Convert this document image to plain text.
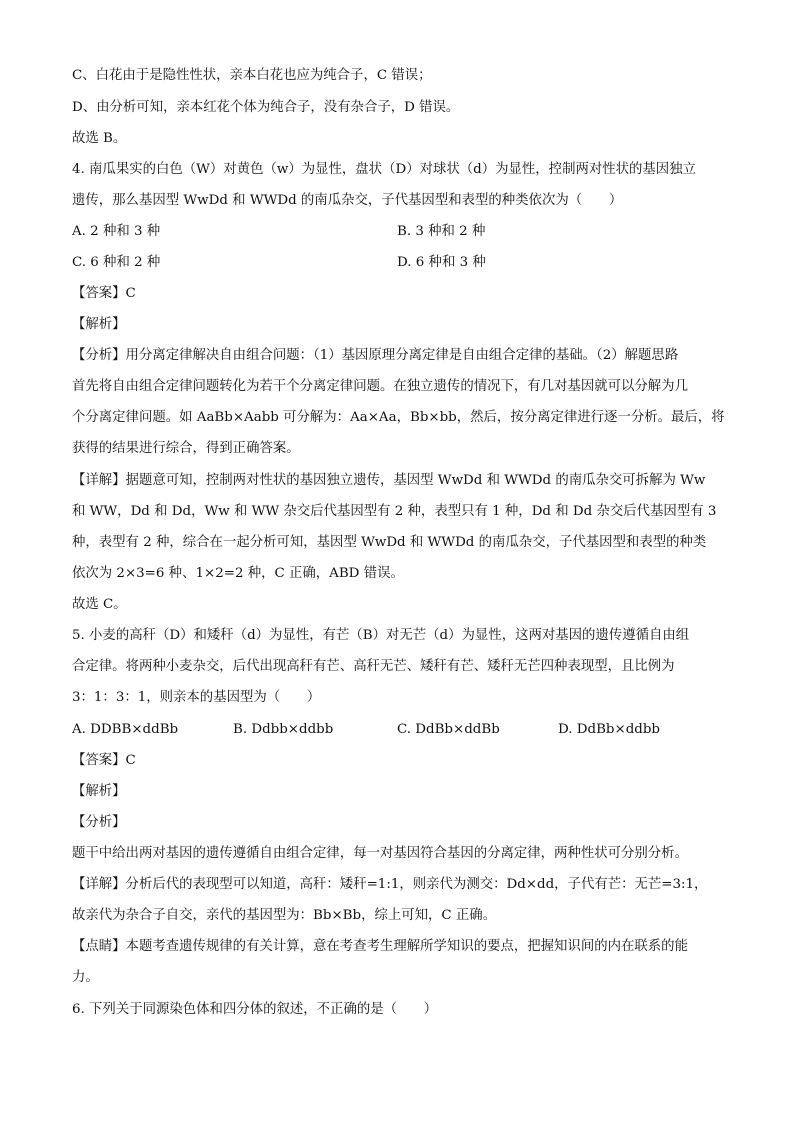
C、白花由于是隐性性状，亲本白花也应为纯合子，C 错误；
D、由分析可知，亲本红花个体为纯合子，没有杂合子，D 错误。
故选 B。
4. 南瓜果实的白色（W）对黄色（w）为显性，盘状（D）对球状（d）为显性，控制两对性状的基因独立
遗传，那么基因型 WwDd 和 WWDd 的南瓜杂交，子代基因型和表型的种类依次为（　　）
A. 2 种和 3 种	B. 3 种和 2 种
C. 6 种和 2 种	D. 6 种和 3 种
【答案】C
【解析】
【分析】用分离定律解决自由组合问题：（1）基因原理分离定律是自由组合定律的基础。（2）解题思路
首先将自由组合定律问题转化为若干个分离定律问题。在独立遗传的情况下，有几对基因就可以分解为几
个分离定律问题。如 AaBb×Aabb 可分解为：Aa×Aa，Bb×bb，然后，按分离定律进行逐一分析。最后，将
获得的结果进行综合，得到正确答案。
【详解】据题意可知，控制两对性状的基因独立遗传，基因型 WwDd 和 WWDd 的南瓜杂交可拆解为 Ww
和 WW，Dd 和 Dd，Ww 和 WW 杂交后代基因型有 2 种，表型只有 1 种，Dd 和 Dd 杂交后代基因型有 3
种，表型有 2 种，综合在一起分析可知，基因型 WwDd 和 WWDd 的南瓜杂交，子代基因型和表型的种类
依次为 2×3=6 种、1×2=2 种，C 正确，ABD 错误。
故选 C。
5. 小麦的高秆（D）和矮秆（d）为显性，有芒（B）对无芒（d）为显性，这两对基因的遗传遵循自由组
合定律。将两种小麦杂交，后代出现高秆有芒、高秆无芒、矮秆有芒、矮秆无芒四种表现型，且比例为
3：1：3：1，则亲本的基因型为（　　）
A. DDBB×ddBb	B. Ddbb×ddbb	C. DdBb×ddBb	D. DdBb×ddbb
【答案】C
【解析】
【分析】
题干中给出两对基因的遗传遵循自由组合定律，每一对基因符合基因的分离定律，两种性状可分别分析。
【详解】分析后代的表现型可以知道，高秆：矮秆=1:1，则亲代为测交：Dd×dd，子代有芒：无芒=3:1，
故亲代为杂合子自交，亲代的基因型为：Bb×Bb，综上可知，C 正确。
【点睛】本题考查遗传规律的有关计算，意在考查考生理解所学知识的要点，把握知识间的内在联系的能
力。
6. 下列关于同源染色体和四分体的叙述，不正确的是（　　）
